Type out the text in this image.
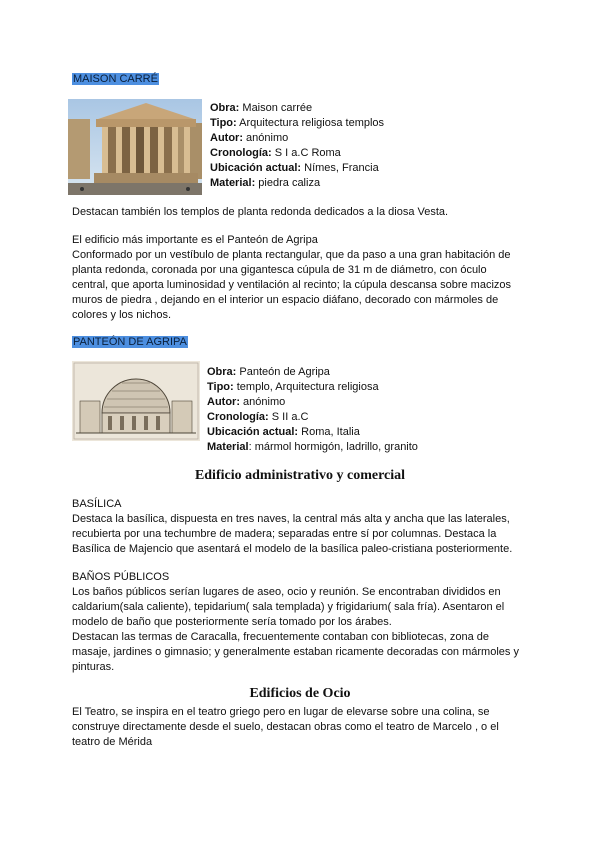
MAISON CARRÉ
Obra: Maison carrée
Tipo: Arquitectura religiosa templos
Autor: anónimo
Cronología: S I a.C Roma
Ubicación actual: Nímes, Francia
Material: piedra caliza
Destacan también los templos de planta redonda dedicados a la diosa Vesta.
El edificio más importante es el Panteón de Agripa
Conformado por un vestíbulo de planta rectangular, que da paso a una gran habitación de
planta redonda, coronada por una gigantesca cúpula de 31 m de diámetro, con óculo
central, que aporta luminosidad y ventilación al recinto; la cúpula descansa sobre macizos
muros de piedra , dejando en el interior un espacio diáfano, decorado con mármoles de
colores y los nichos.
PANTEÓN DE AGRIPA
Obra: Panteón de Agripa
Tipo: templo, Arquitectura religiosa
Autor: anónimo
Cronología: S II a.C
Ubicación actual: Roma, Italia
Material: mármol hormigón, ladrillo, granito
Edificio administrativo y comercial
BASÍLICA
Destaca la basílica, dispuesta en tres naves, la central más alta y ancha que las laterales,
recubierta por una techumbre de madera; separadas entre sí por columnas. Destaca la
Basílica de Majencio que asentará el modelo de la basílica paleo-cristiana posteriormente.
BAÑOS PÚBLICOS
Los baños públicos serían lugares de aseo, ocio y reunión. Se encontraban divididos en
caldarium(sala caliente), tepidarium( sala templada) y frigidarium( sala fría). Asentaron el
modelo de baño que posteriormente sería tomado por los árabes.
Destacan las termas de Caracalla, frecuentemente contaban con bibliotecas, zona de
masaje, jardines o gimnasio; y generalmente estaban ricamente decoradas con mármoles y
pinturas.
Edificios de Ocio
El Teatro, se inspira en el teatro griego pero en lugar de elevarse sobre una colina, se
construye directamente desde el suelo, destacan obras como el teatro de Marcelo , o el
teatro de Mérida
